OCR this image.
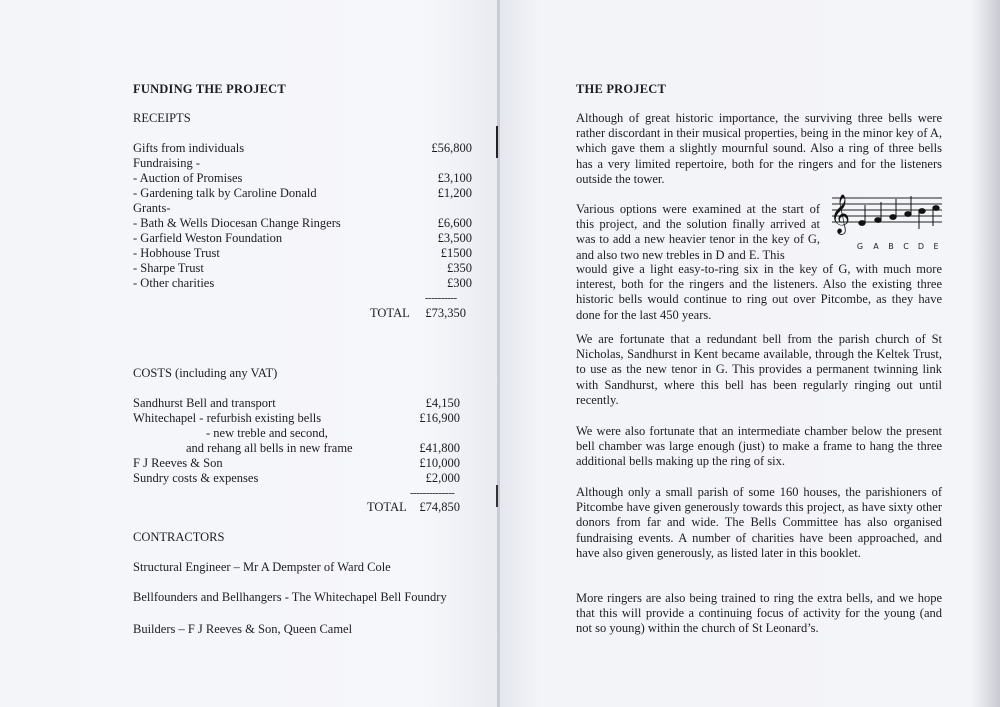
FUNDING THE PROJECT
RECEIPTS
Gifts from individuals	£56,800
Fundraising -
- Auction of Promises	£3,100
- Gardening talk by Caroline Donald	£1,200
Grants-
- Bath & Wells Diocesan Change Ringers	£6,600
- Garfield Weston Foundation	£3,500
- Hobhouse Trust	£1500
- Sharpe Trust	£350
- Other charities	£300
----------
TOTAL £73,350
COSTS (including any VAT)
Sandhurst Bell and transport	£4,150
Whitechapel - refurbish existing bells	£16,900
- new treble and second,
and rehang all bells in new frame	£41,800
F J Reeves & Son	£10,000
Sundry costs & expenses	£2,000
--------------
TOTAL £74,850
CONTRACTORS
Structural Engineer – Mr A Dempster of Ward Cole
Bellfounders and Bellhangers - The Whitechapel Bell Foundry
Builders – F J Reeves & Son, Queen Camel
THE PROJECT
Although of great historic importance, the surviving three bells were rather discordant in their musical properties, being in the minor key of A, which gave them a slightly mournful sound. Also a ring of three bells has a very limited repertoire, both for the ringers and for the listeners outside the tower.
Various options were examined at the start of this project, and the solution finally arrived at was to add a new heavier tenor in the key of G, and also two new trebles in D and E. This
would give a light easy-to-ring six in the key of G, with much more interest, both for the ringers and the listeners. Also the existing three historic bells would continue to ring out over Pitcombe, as they have done for the last 450 years.
𝄞
G A B C D E
We are fortunate that a redundant bell from the parish church of St Nicholas, Sandhurst in Kent became available, through the Keltek Trust, to use as the new tenor in G. This provides a permanent twinning link with Sandhurst, where this bell has been regularly ringing out until recently.
We were also fortunate that an intermediate chamber below the present bell chamber was large enough (just) to make a frame to hang the three additional bells making up the ring of six.
Although only a small parish of some 160 houses, the parishioners of Pitcombe have given generously towards this project, as have sixty other donors from far and wide. The Bells Committee has also organised fundraising events. A number of charities have been approached, and have also given generously, as listed later in this booklet.
More ringers are also being trained to ring the extra bells, and we hope that this will provide a continuing focus of activity for the young (and not so young) within the church of St Leonard’s.
